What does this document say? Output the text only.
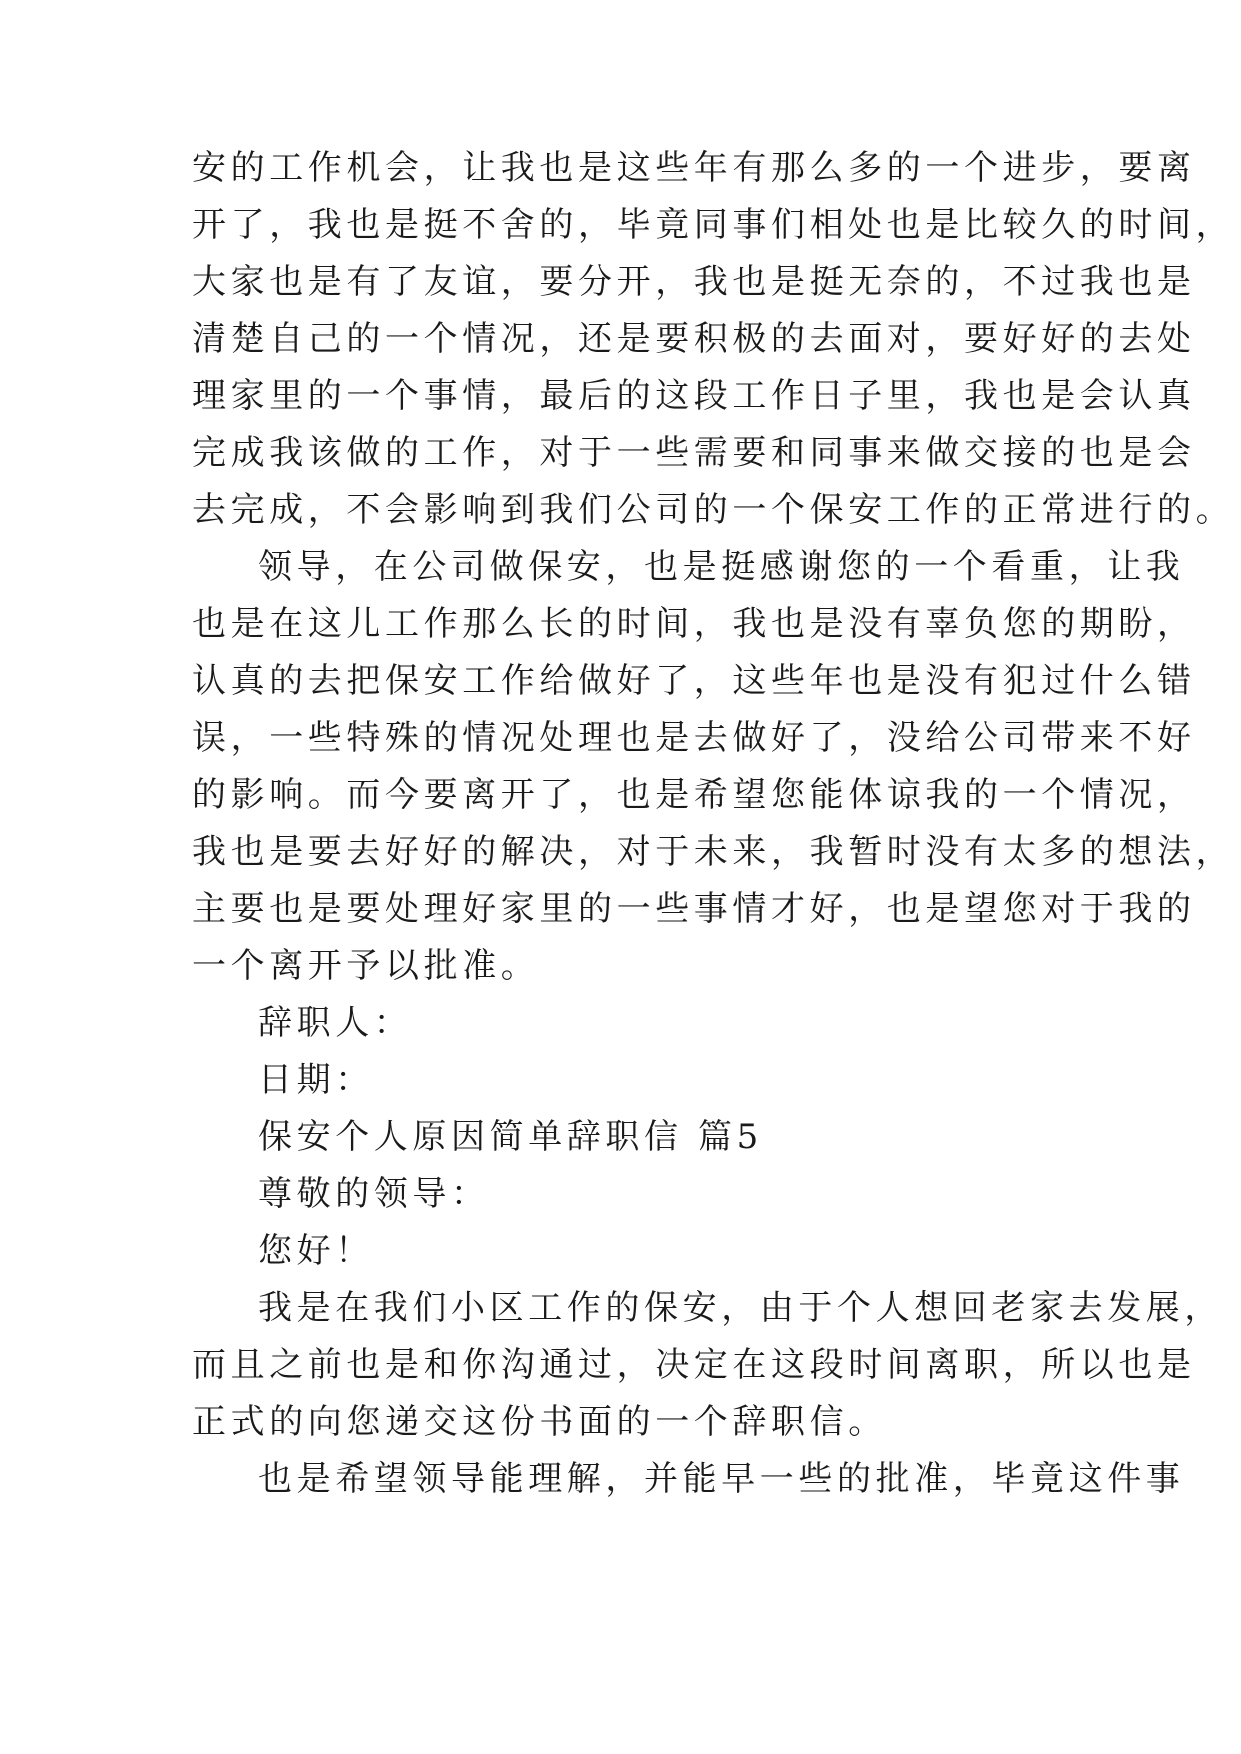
安的工作机会，让我也是这些年有那么多的一个进步，要离
开了，我也是挺不舍的，毕竟同事们相处也是比较久的时间，
大家也是有了友谊，要分开，我也是挺无奈的，不过我也是
清楚自己的一个情况，还是要积极的去面对，要好好的去处
理家里的一个事情，最后的这段工作日子里，我也是会认真
完成我该做的工作，对于一些需要和同事来做交接的也是会
去完成，不会影响到我们公司的一个保安工作的正常进行的。
领导，在公司做保安，也是挺感谢您的一个看重，让我
也是在这儿工作那么长的时间，我也是没有辜负您的期盼，
认真的去把保安工作给做好了，这些年也是没有犯过什么错
误，一些特殊的情况处理也是去做好了，没给公司带来不好
的影响。而今要离开了，也是希望您能体谅我的一个情况，
我也是要去好好的解决，对于未来，我暂时没有太多的想法，
主要也是要处理好家里的一些事情才好，也是望您对于我的
一个离开予以批准。
辞职人：
日期：
保安个人原因简单辞职信 篇5
尊敬的领导：
您好！
我是在我们小区工作的保安，由于个人想回老家去发展，
而且之前也是和你沟通过，决定在这段时间离职，所以也是
正式的向您递交这份书面的一个辞职信。
也是希望领导能理解，并能早一些的批准，毕竟这件事
